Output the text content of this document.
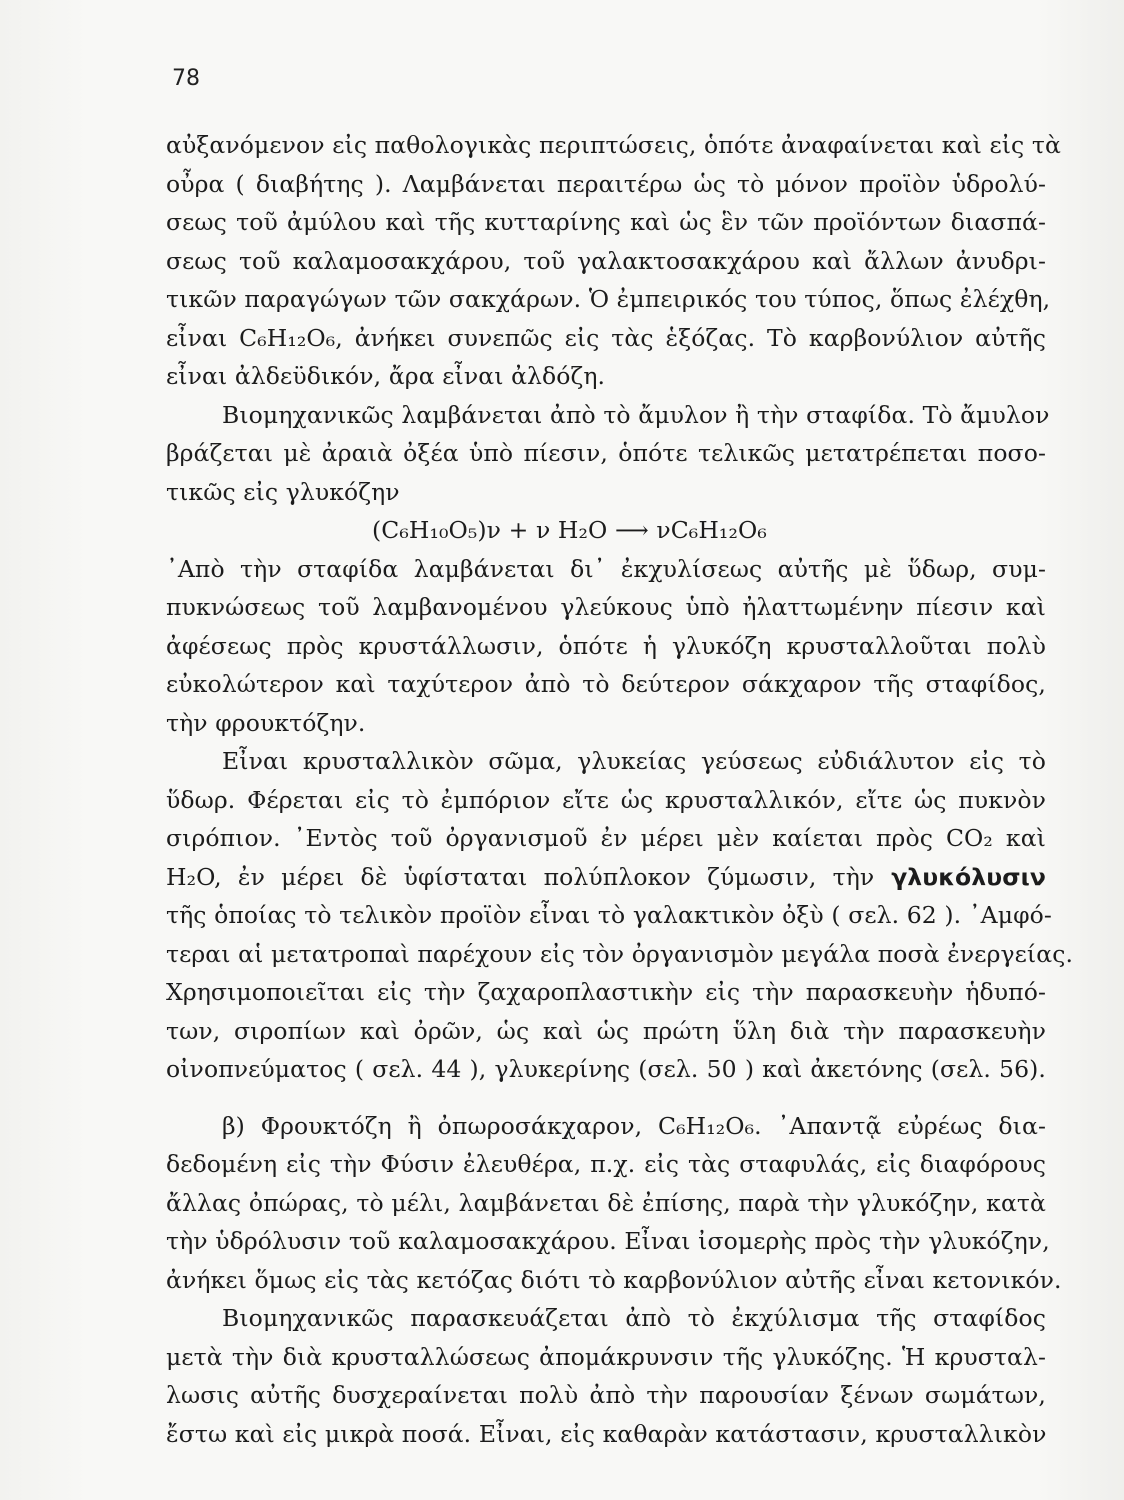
78
αὐξανόμενον εἰς παθολογικὰς περιπτώσεις, ὁπότε ἀναφαίνεται καὶ εἰς τὰ
οὖρα ( διαβήτης ). Λαμβάνεται περαιτέρω ὡς τὸ μόνον προϊὸν ὑδρολύ-
σεως τοῦ ἀμύλου καὶ τῆς κυτταρίνης καὶ ὡς ἓν τῶν προϊόντων διασπά-
σεως τοῦ καλαμοσακχάρου, τοῦ γαλακτοσακχάρου καὶ ἄλλων ἀνυδρι-
τικῶν παραγώγων τῶν σακχάρων. Ὁ ἐμπειρικός του τύπος, ὅπως ἐλέχθη,
εἶναι C₆H₁₂O₆, ἀνήκει συνεπῶς εἰς τὰς ἑξόζας. Τὸ καρβονύλιον αὐτῆς
εἶναι ἀλδεϋδικόν, ἄρα εἶναι ἀλδόζη.
Βιομηχανικῶς λαμβάνεται ἀπὸ τὸ ἄμυλον ἢ τὴν σταφίδα. Τὸ ἄμυλον
βράζεται μὲ ἀραιὰ ὀξέα ὑπὸ πίεσιν, ὁπότε τελικῶς μετατρέπεται ποσο-
τικῶς εἰς γλυκόζην
(C₆H₁₀O₅)ν + ν H₂O ⟶ νC₆H₁₂O₆
᾿Απὸ τὴν σταφίδα λαμβάνεται δι᾿ ἐκχυλίσεως αὐτῆς μὲ ὕδωρ, συμ-
πυκνώσεως τοῦ λαμβανομένου γλεύκους ὑπὸ ἠλαττωμένην πίεσιν καὶ
ἀφέσεως πρὸς κρυστάλλωσιν, ὁπότε ἡ γλυκόζη κρυσταλλοῦται πολὺ
εὐκολώτερον καὶ ταχύτερον ἀπὸ τὸ δεύτερον σάκχαρον τῆς σταφίδος,
τὴν φρουκτόζην.
Εἶναι κρυσταλλικὸν σῶμα, γλυκείας γεύσεως εὐδιάλυτον εἰς τὸ
ὕδωρ. Φέρεται εἰς τὸ ἐμπόριον εἴτε ὡς κρυσταλλικόν, εἴτε ὡς πυκνὸν
σιρόπιον. ᾿Εντὸς τοῦ ὀργανισμοῦ ἐν μέρει μὲν καίεται πρὸς CO₂ καὶ
H₂O, ἐν μέρει δὲ ὑφίσταται πολύπλοκον ζύμωσιν, τὴν γλυκόλυσιν
τῆς ὁποίας τὸ τελικὸν προϊὸν εἶναι τὸ γαλακτικὸν ὀξὺ ( σελ. 62 ). ᾿Αμφό-
τεραι αἱ μετατροπαὶ παρέχουν εἰς τὸν ὀργανισμὸν μεγάλα ποσὰ ἐνεργείας.
Χρησιμοποιεῖται εἰς τὴν ζαχαροπλαστικὴν εἰς τὴν παρασκευὴν ἡδυπό-
των, σιροπίων καὶ ὀρῶν, ὡς καὶ ὡς πρώτη ὕλη διὰ τὴν παρασκευὴν
οἰνοπνεύματος ( σελ. 44 ), γλυκερίνης (σελ. 50 ) καὶ ἀκετόνης (σελ. 56).
β) Φρουκτόζη ἢ ὀπωροσάκχαρον, C₆H₁₂O₆. ᾿Απαντᾷ εὐρέως δια-
δεδομένη εἰς τὴν Φύσιν ἐλευθέρα, π.χ. εἰς τὰς σταφυλάς, εἰς διαφόρους
ἄλλας ὀπώρας, τὸ μέλι, λαμβάνεται δὲ ἐπίσης, παρὰ τὴν γλυκόζην, κατὰ
τὴν ὑδρόλυσιν τοῦ καλαμοσακχάρου. Εἶναι ἰσομερὴς πρὸς τὴν γλυκόζην,
ἀνήκει ὅμως εἰς τὰς κετόζας διότι τὸ καρβονύλιον αὐτῆς εἶναι κετονικόν.
Βιομηχανικῶς παρασκευάζεται ἀπὸ τὸ ἐκχύλισμα τῆς σταφίδος
μετὰ τὴν διὰ κρυσταλλώσεως ἀπομάκρυνσιν τῆς γλυκόζης. Ἡ κρυσταλ-
λωσις αὐτῆς δυσχεραίνεται πολὺ ἀπὸ τὴν παρουσίαν ξένων σωμάτων,
ἔστω καὶ εἰς μικρὰ ποσά. Εἶναι, εἰς καθαρὰν κατάστασιν, κρυσταλλικὸν
